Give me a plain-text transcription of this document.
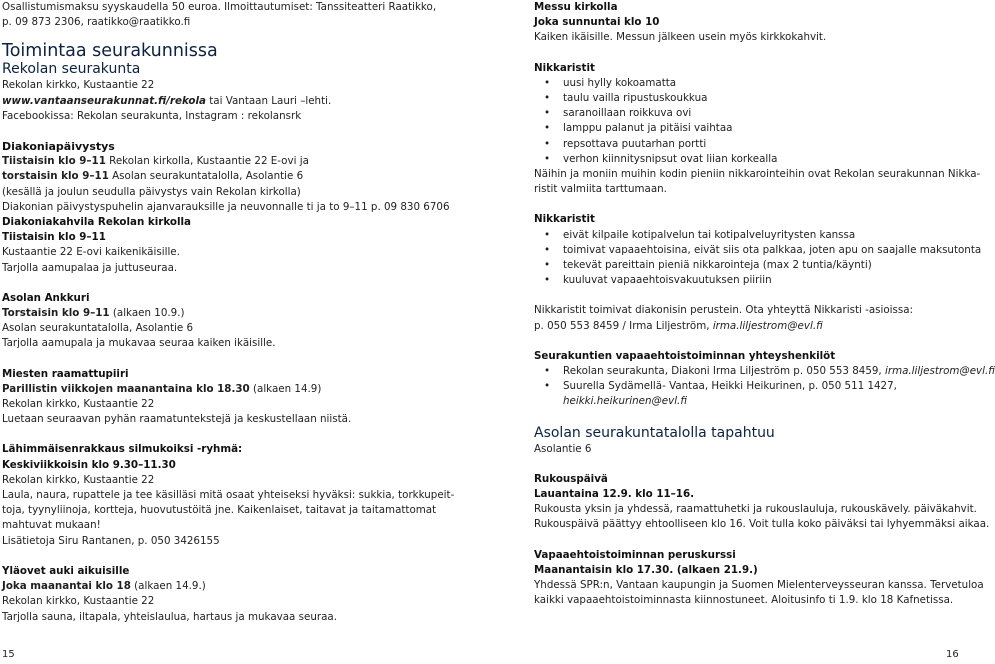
Osallistumismaksu syyskaudella 50 euroa. Ilmoittautumiset: Tanssiteatteri Raatikko,
p. 09 873 2306, raatikko@raatikko.fi
Toimintaa seurakunnissa
Rekolan seurakunta
Rekolan kirkko, Kustaantie 22
www.vantaanseurakunnat.fi/rekola tai Vantaan Lauri –lehti.
Facebookissa: Rekolan seurakunta, Instagram : rekolansrk
Diakoniapäivystys
Tiistaisin klo 9–11 Rekolan kirkolla, Kustaantie 22 E-ovi ja
torstaisin klo 9–11 Asolan seurakuntatalolla, Asolantie 6
(kesällä ja joulun seudulla päivystys vain Rekolan kirkolla)
Diakonian päivystyspuhelin ajanvarauksille ja neuvonnalle ti ja to 9–11 p. 09 830 6706
Diakoniakahvila Rekolan kirkolla
Tiistaisin klo 9–11
Kustaantie 22 E-ovi kaikenikäisille.
Tarjolla aamupalaa ja juttuseuraa.
Asolan Ankkuri
Torstaisin klo 9–11 (alkaen 10.9.)
Asolan seurakuntatalolla, Asolantie 6
Tarjolla aamupala ja mukavaa seuraa kaiken ikäisille.
Miesten raamattupiiri
Parillistin viikkojen maanantaina klo 18.30 (alkaen 14.9)
Rekolan kirkko, Kustaantie 22
Luetaan seuraavan pyhän raamatuntekstejä ja keskustellaan niistä.
Lähimmäisenrakkaus silmukoiksi -ryhmä:
Keskiviikkoisin klo 9.30–11.30
Rekolan kirkko, Kustaantie 22
Laula, naura, rupattele ja tee käsilläsi mitä osaat yhteiseksi hyväksi: sukkia, torkkupeit-
toja, tyynyliinoja, kortteja, huovutustöitä jne. Kaikenlaiset, taitavat ja taitamattomat
mahtuvat mukaan!
Lisätietoja Siru Rantanen, p. 050 3426155
Yläovet auki aikuisille
Joka maanantai klo 18 (alkaen 14.9.)
Rekolan kirkko, Kustaantie 22
Tarjolla sauna, iltapala, yhteislaulua, hartaus ja mukavaa seuraa.
15
Messu kirkolla
Joka sunnuntai klo 10
Kaiken ikäisille. Messun jälkeen usein myös kirkkokahvit.
Nikkaristit
• uusi hylly kokoamatta
• taulu vailla ripustuskoukkua
• saranoillaan roikkuva ovi
• lamppu palanut ja pitäisi vaihtaa
• repsottava puutarhan portti
• verhon kiinnitysnipsut ovat liian korkealla
Näihin ja moniin muihin kodin pieniin nikkarointeihin ovat Rekolan seurakunnan Nikka-
ristit valmiita tarttumaan.
Nikkaristit
• eivät kilpaile kotipalvelun tai kotipalveluyritysten kanssa
• toimivat vapaaehtoisina, eivät siis ota palkkaa, joten apu on saajalle maksutonta
• tekevät pareittain pieniä nikkarointeja (max 2 tuntia/käynti)
• kuuluvat vapaaehtoisvakuutuksen piiriin
Nikkaristit toimivat diakonisin perustein. Ota yhteyttä Nikkaristi -asioissa:
p. 050 553 8459 / Irma Liljeström, irma.liljestrom@evl.fi
Seurakuntien vapaaehtoistoiminnan yhteyshenkilöt
• Rekolan seurakunta, Diakoni Irma Liljeström p. 050 553 8459, irma.liljestrom@evl.fi
• Suurella Sydämellä- Vantaa, Heikki Heikurinen, p. 050 511 1427,
heikki.heikurinen@evl.fi
Asolan seurakuntatalolla tapahtuu
Asolantie 6
Rukouspäivä
Lauantaina 12.9. klo 11–16.
Rukousta yksin ja yhdessä, raamattuhetki ja rukouslauluja, rukouskävely. päiväkahvit.
Rukouspäivä päättyy ehtoolliseen klo 16. Voit tulla koko päiväksi tai lyhyemmäksi aikaa.
Vapaaehtoistoiminnan peruskurssi
Maanantaisin klo 17.30. (alkaen 21.9.)
Yhdessä SPR:n, Vantaan kaupungin ja Suomen Mielenterveysseuran kanssa. Tervetuloa
kaikki vapaaehtoistoiminnasta kiinnostuneet. Aloitusinfo ti 1.9. klo 18 Kafnetissa.
16
